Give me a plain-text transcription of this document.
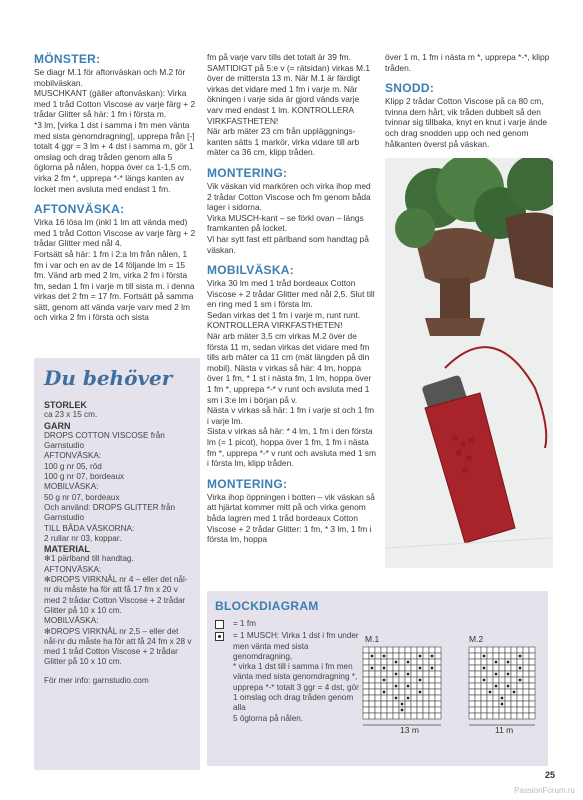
MÖNSTER:

Se diagr M.1 för aftonväskan och M.2 för mobilväskan.
MUSCHKANT (gäller aftonväskan): Virka med 1 tråd Cotton Viscose av varje färg + 2 trådar Glitter så här: 1 fm i första m.
*3 lm, [virka 1 dst i samma i fm men vänta med sista genomdragning], upprepa från [-] totalt 4 ggr = 3 lm + 4 dst i samma m, gör 1 omslag och drag tråden genom alla 5 öglorna på nålen, hoppa över ca 1-1,5 cm, virka 2 fm *, upprepa *-* längs kanten av locket men avsluta med endast 1 fm.

AFTONVÄSKA:

Virka 16 lösa lm (inkl 1 lm att vända med) med 1 tråd Cotton Viscose av varje färg + 2 trådar Glitter med nål 4.
Fortsätt så här: 1 fm i 2:a lm från nålen, 1 fm i var och en av de 14 följande lm = 15 fm. Vänd arb med 2 lm, virka 2 fm i första fm, sedan 1 fm i varje m till sista m. i denna virkas det 2 fm = 17 fm. Fortsätt på samma sätt, genom att vända varje varv med 2 lm och virka 2 fm i första och sista

Du behöver

STORLEK

ca 23 x 15 cm.

GARN

DROPS COTTON VISCOSE från Garnstudio
AFTONVÄSKA:
100 g nr 05, röd
100 g nr 07, bordeaux
MOBILVÄSKA:
50 g nr 07, bordeaux
Och använd: DROPS GLITTER från Garnstudio
TILL BÅDA VÄSKORNA:
2 rullar nr 03, koppar.

MATERIAL

✻1 pärlband till handtag.
AFTONVÄSKA:
✻DROPS VIRKNÅL nr 4 – eller det nål-nr du måste ha för att få 17 fm x 20 v med 2 trådar Cotton Viscose + 2 trådar Glitter på 10 x 10 cm.
MOBILVÄSKA:
✻DROPS VIRKNÅL nr 2,5 – eller det nål-nr du måste ha för att få 24 fm x 28 v med 1 tråd Cotton Viscose + 2 trådar Glitter på 10 x 10 cm.

För mer info: garnstudio.com

fm på varje varv tills det totalt är 39 fm. SAMTIDIGT på 5:e v (= rätsidan) virkas M.1 över de mittersta 13 m. När M.1 är färdigt virkas det vidare med 1 fm i varje m. När ökningen i varje sida är gjord vänds varje varv med endast 1 lm. KONTROLLERA VIRKFASTHETEN!
När arb mäter 23 cm från uppläggnings-kanten sätts 1 markör, virka vidare till arb mäter ca 36 cm, klipp tråden.

MONTERING:

Vik väskan vid markören och virka ihop med 2 trådar Cotton Viscose och fm genom båda lager i sidorna.
Virka MUSCH-kant – se förkl ovan – längs framkanten på locket.
Vi har sytt fast ett pärlband som handtag på väskan.

MOBILVÄSKA:

Virka 30 lm med 1 tråd bordeaux Cotton Viscose + 2 trådar Glitter med nål 2,5. Slut till en ring med 1 sm i första lm.
Sedan virkas det 1 fm i varje m, runt runt. KONTROLLERA VIRKFASTHETEN!
När arb mäter 3,5 cm virkas M.2 över de första 11 m, sedan virkas det vidare med fm tills arb mäter ca 11 cm (mät längden på din mobil). Nästa v virkas så här: 4 lm, hoppa över 1 fm, * 1 st i nästa fm, 1 lm, hoppa över 1 fm *, upprepa *-* v runt och avsluta med 1 sm i 3:e lm i början på v.
Nästa v virkas så här: 1 fm i varje st och 1 fm i varje lm.
Sista v virkas så här: * 4 lm, 1 fm i den första lm (= 1 picot), hoppa över 1 fm, 1 fm i nästa fm *, upprepa *-* v runt och avsluta med 1 sm i första lm, klipp tråden.

MONTERING:

Virka ihop öppningen i botten – vik väskan så att hjärtat kommer mitt på och virka genom båda lagren med 1 tråd bordeaux Cotton Viscose + 2 trådar Glitter: 1 fm, * 3 lm, 1 fm i första lm, hoppa

över 1 m, 1 fm i nästa m *, upprepa *-*, klipp tråden.

SNODD:

Klipp 2 trådar Cotton Viscose på ca 80 cm, tvinna dem hårt, vik tråden dubbelt så den tvinnar sig tillbaka, knyt en knut i varje ände och drag snodden upp och ned genom hålkanten överst på väskan.

BLOCKDIAGRAM
= 1 fm
= 1 MUSCH: Virka 1 dst i fm under men vänta med sista genomdragning,
* virka 1 dst till i samma i fm men vänta med sista genomdragning *,
upprepa *-* totalt 3 ggr = 4 dst, gör 1 omslag och drag tråden genom alla
5 öglorna på nålen.
M.1	M.2
13 m	11 m
25
PassionForum.ru
